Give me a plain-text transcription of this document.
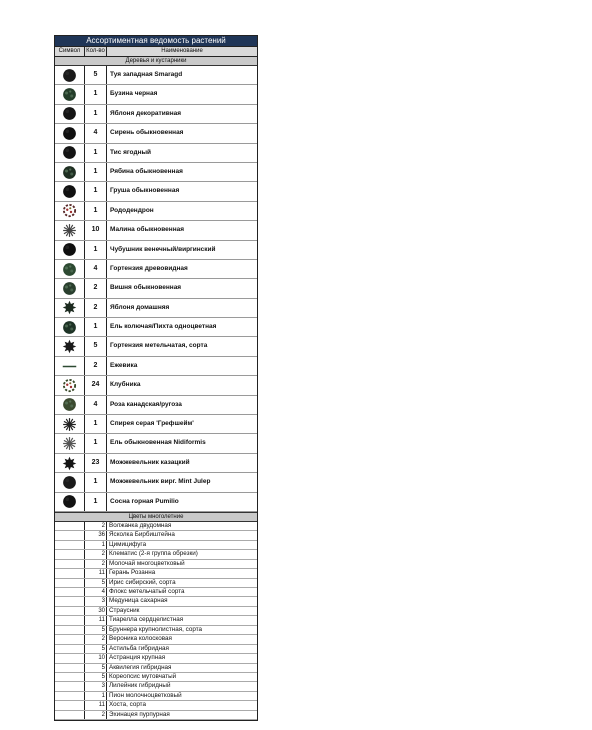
Ассортиментная ведомость растений
Символ Кол-во	Наименование
Деревья и кустарники
5	Туя западная Smaragd
1	Бузина черная
1	Яблоня декоративная
4	Сирень обыкновенная
1	Тис ягодный
1	Рябина обыкновенная
1	Груша обыкновенная
1	Рододендрон
10	Малина обыкновенная
1	Чубушник венечный/виргинский
4	Гортензия древовидная
2	Вишня обыкновенная
2	Яблоня домашняя
1	Ель колючая/Пихта одноцветная
5	Гортензия метельчатая, сорта
2	Ежевика
24	Клубника
4	Роза канадская/ругоза
1	Спирея серая 'Грефшейм'
1	Ель обыкновенная Nidiformis
23	Можжевельник казацкий
1	Можжевельник вирг. Mint Julep
1	Сосна горная Pumilio
Цветы многолетние
2 Волжанка двудомная
36 Ясколка Бирбиштейна
1 Цимицифуга
2 Клематис (2-я группа обрезки)
2 Молочай многоцветковый
11 Герань Розанна
5 Ирис сибирский, сорта
4 Флокс метельчатый сорта
3 Медуница сахарная
30 Страусник
11 Тиарелла сердцелистная
5 Бруннера крупнолистная, сорта
2 Вероника колосковая
5 Астильба гибридная
10 Астранция крупная
5 Аквилегия гибридная
5 Кореопсис мутовчатый
3 Лилейник гибридный
1 Пион молочноцветковый
11 Хоста, сорта
2 Эхинацея пурпурная
